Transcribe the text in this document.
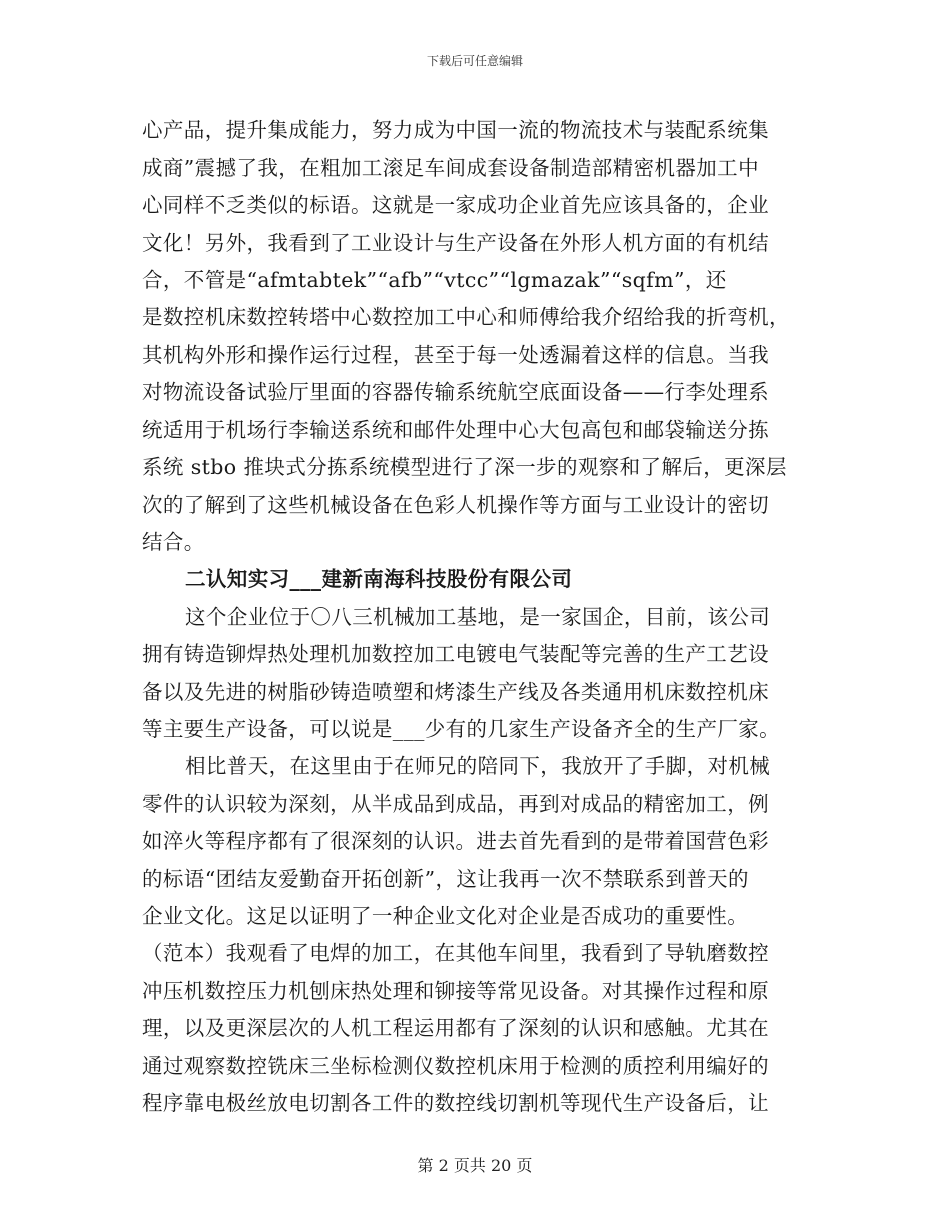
下载后可任意编辑
心产品，提升集成能力，努力成为中国一流的物流技术与装配系统集
成商”震撼了我，在粗加工滚足车间成套设备制造部精密机器加工中
心同样不乏类似的标语。这就是一家成功企业首先应该具备的，企业
文化！另外，我看到了工业设计与生产设备在外形人机方面的有机结
合，不管是“afmtabtek”“afb”“vtcc”“lgmazak”“sqfm”，还
是数控机床数控转塔中心数控加工中心和师傅给我介绍给我的折弯机，
其机构外形和操作运行过程，甚至于每一处透漏着这样的信息。当我
对物流设备试验厅里面的容器传输系统航空底面设备——行李处理系
统适用于机场行李输送系统和邮件处理中心大包高包和邮袋输送分拣
系统 stbo 推块式分拣系统模型进行了深一步的观察和了解后，更深层
次的了解到了这些机械设备在色彩人机操作等方面与工业设计的密切
结合。
二认知实习___建新南海科技股份有限公司
这个企业位于〇八三机械加工基地，是一家国企，目前，该公司
拥有铸造铆焊热处理机加数控加工电镀电气装配等完善的生产工艺设
备以及先进的树脂砂铸造喷塑和烤漆生产线及各类通用机床数控机床
等主要生产设备，可以说是___少有的几家生产设备齐全的生产厂家。
相比普天，在这里由于在师兄的陪同下，我放开了手脚，对机械
零件的认识较为深刻，从半成品到成品，再到对成品的精密加工，例
如淬火等程序都有了很深刻的认识。进去首先看到的是带着国营色彩
的标语“团结友爱勤奋开拓创新”，这让我再一次不禁联系到普天的
企业文化。这足以证明了一种企业文化对企业是否成功的重要性。
（范本）我观看了电焊的加工，在其他车间里，我看到了导轨磨数控
冲压机数控压力机刨床热处理和铆接等常见设备。对其操作过程和原
理，以及更深层次的人机工程运用都有了深刻的认识和感触。尤其在
通过观察数控铣床三坐标检测仪数控机床用于检测的质控利用编好的
程序靠电极丝放电切割各工件的数控线切割机等现代生产设备后，让
第 2 页共 20 页
